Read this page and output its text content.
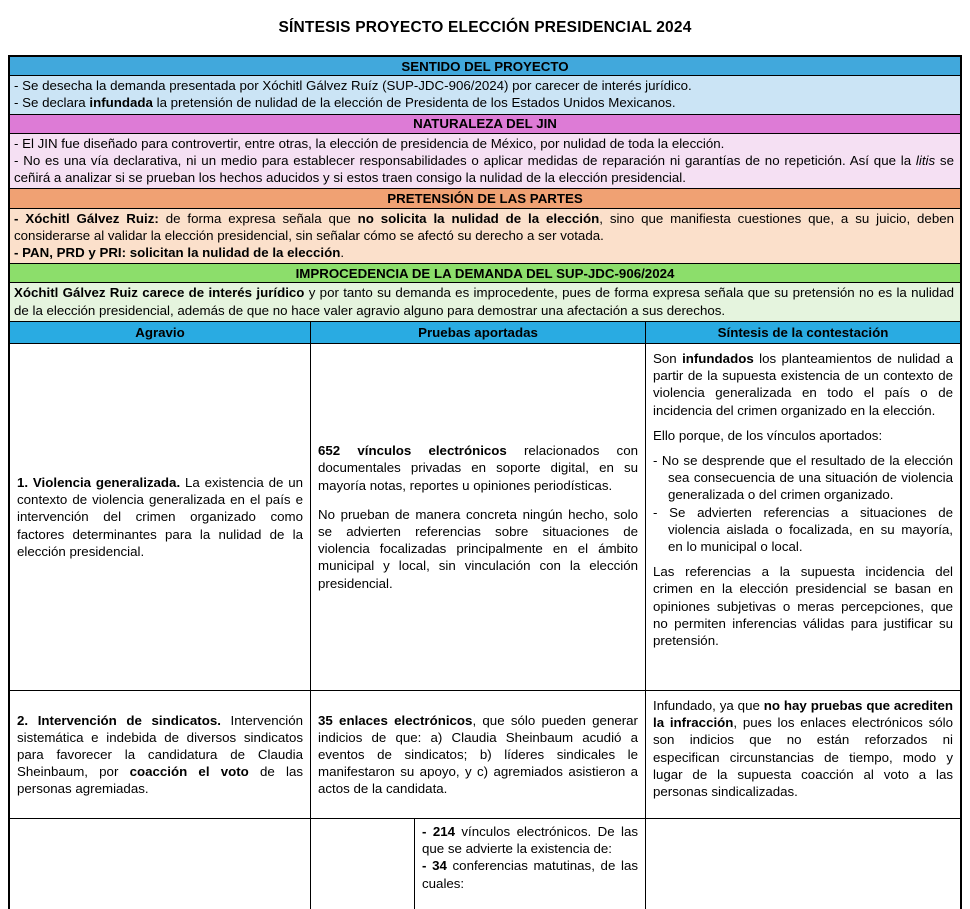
SÍNTESIS PROYECTO ELECCIÓN PRESIDENCIAL 2024
SENTIDO DEL PROYECTO
- Se desecha la demanda presentada por Xóchitl Gálvez Ruíz (SUP-JDC-906/2024) por carecer de interés jurídico.
- Se declara infundada la pretensión de nulidad de la elección de Presidenta de los Estados Unidos Mexicanos.
NATURALEZA DEL JIN
- El JIN fue diseñado para controvertir, entre otras, la elección de presidencia de México, por nulidad de toda la elección.
- No es una vía declarativa, ni un medio para establecer responsabilidades o aplicar medidas de reparación ni garantías de no repetición. Así que la litis se ceñirá a analizar si se prueban los hechos aducidos y si estos traen consigo la nulidad de la elección presidencial.
PRETENSIÓN DE LAS PARTES
- Xóchitl Gálvez Ruiz: de forma expresa señala que no solicita la nulidad de la elección, sino que manifiesta cuestiones que, a su juicio, deben considerarse al validar la elección presidencial, sin señalar cómo se afectó su derecho a ser votada.
- PAN, PRD y PRI: solicitan la nulidad de la elección.
IMPROCEDENCIA DE LA DEMANDA DEL SUP-JDC-906/2024
Xóchitl Gálvez Ruiz carece de interés jurídico y por tanto su demanda es improcedente, pues de forma expresa señala que su pretensión no es la nulidad de la elección presidencial, además de que no hace valer agravio alguno para demostrar una afectación a sus derechos.
Agravio	Pruebas aportadas	Síntesis de la contestación
1. Violencia generalizada. La existencia de un contexto de violencia generalizada en el país e intervención del crimen organizado como factores determinantes para la nulidad de la elección presidencial.
652 vínculos electrónicos relacionados con documentales privadas en soporte digital, en su mayoría notas, reportes u opiniones periodísticas.
No prueban de manera concreta ningún hecho, solo se advierten referencias sobre situaciones de violencia focalizadas principalmente en el ámbito municipal y local, sin vinculación con la elección presidencial.
Son infundados los planteamientos de nulidad a partir de la supuesta existencia de un contexto de violencia generalizada en todo el país o de incidencia del crimen organizado en la elección.
Ello porque, de los vínculos aportados:
- No se desprende que el resultado de la elección sea consecuencia de una situación de violencia generalizada o del crimen organizado.
- Se advierten referencias a situaciones de violencia aislada o focalizada, en su mayoría, en lo municipal o local.
Las referencias a la supuesta incidencia del crimen en la elección presidencial se basan en opiniones subjetivas o meras percepciones, que no permiten inferencias válidas para justificar su pretensión.
2. Intervención de sindicatos. Intervención sistemática e indebida de diversos sindicatos para favorecer la candidatura de Claudia Sheinbaum, por coacción el voto de las personas agremiadas.
35 enlaces electrónicos, que sólo pueden generar indicios de que: a) Claudia Sheinbaum acudió a eventos de sindicatos; b) líderes sindicales le manifestaron su apoyo, y c) agremiados asistieron a actos de la candidata.
Infundado, ya que no hay pruebas que acrediten la infracción, pues los enlaces electrónicos sólo son indicios que no están reforzados ni especifican circunstancias de tiempo, modo y lugar de la supuesta coacción al voto a las personas sindicalizadas.
- 214 vínculos electrónicos. De las que se advierte la existencia de:
- 34 conferencias matutinas, de las cuales:
